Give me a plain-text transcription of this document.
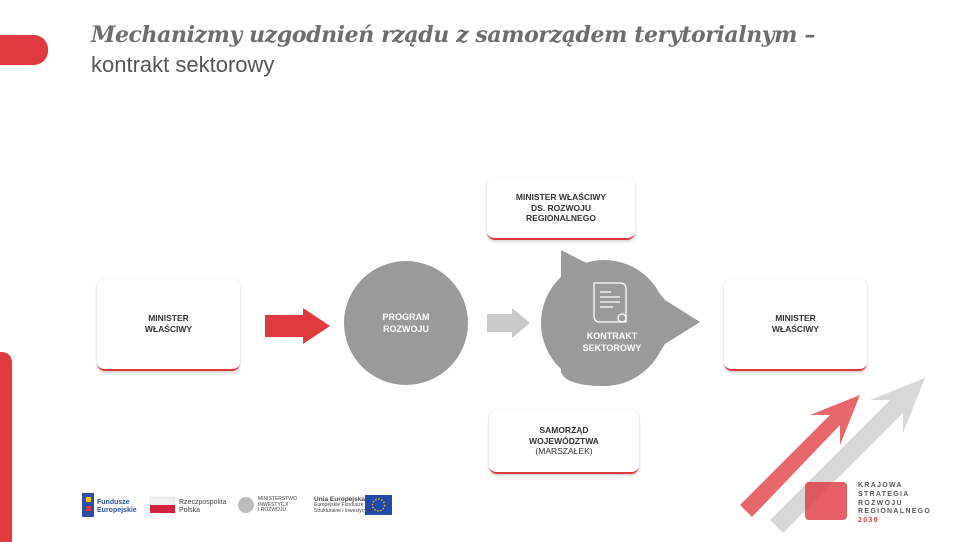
Mechanizmy uzgodnień rządu z samorządem terytorialnym –
kontrakt sektorowy
MINISTER WŁAŚCIWY
DS. ROZWOJU
REGIONALNEGO
MINISTER
WŁAŚCIWY
MINISTER
WŁAŚCIWY
SAMORZĄD
WOJEWÓDZTWA
(MARSZAŁEK)
PROGRAM
ROZWOJU
KONTRAKT
SEKTOROWY
Fundusze
Europejskie
Rzeczpospolita
Polska
MINISTERSTWO
INWESTYCJI
I ROZWOJU
Unia Europejska
Europejskie Fundusze
Strukturalne i Inwestycyjne
KRAJOWA
STRATEGIA
ROZWOJU
REGIONALNEGO
2030
